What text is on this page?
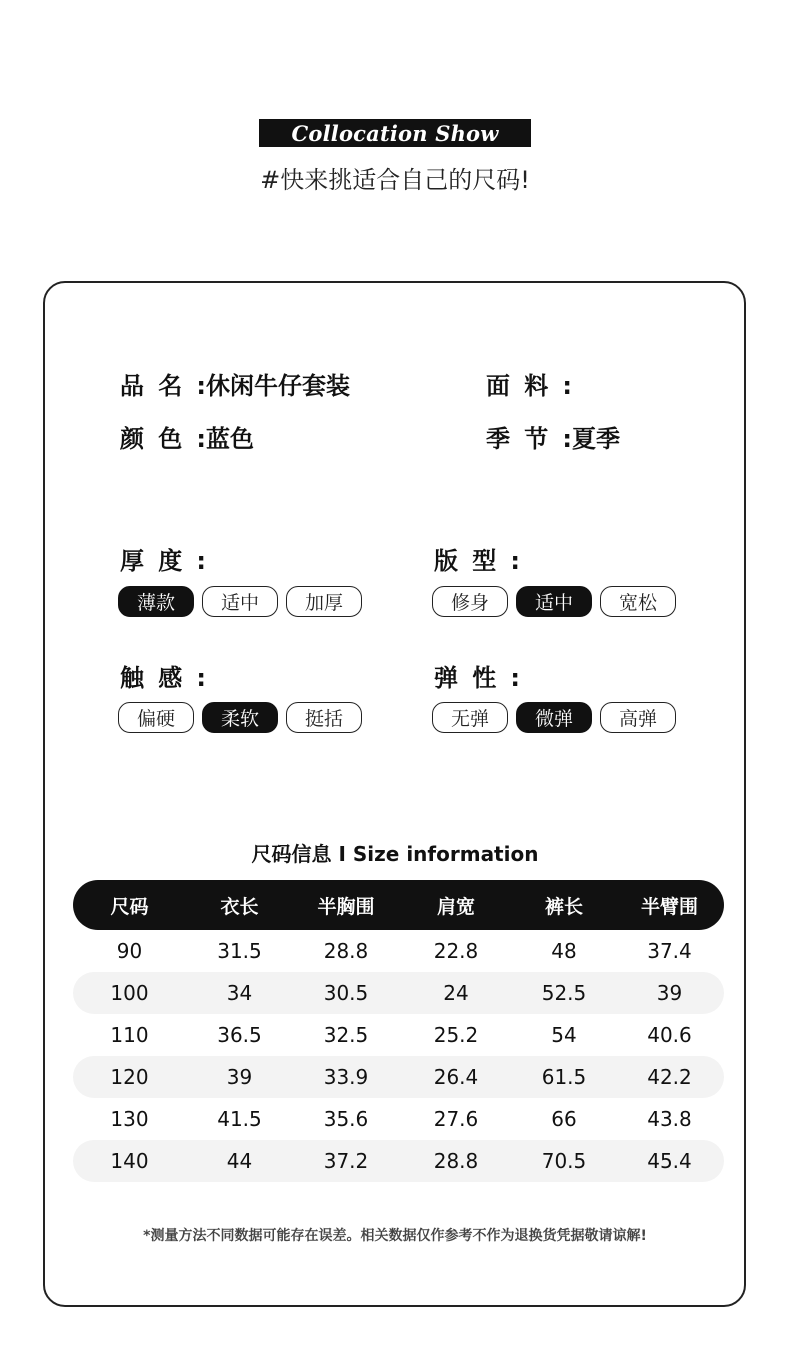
Collocation Show
#快来挑适合自己的尺码!
品名:休闲牛仔套装	面料:
颜色:蓝色	季节:夏季
厚度:
薄款	适中	加厚
版型:
修身	适中	宽松
触感:
偏硬	柔软	挺括
弹性:
无弹	微弹	高弹
尺码信息 I Size information
尺码	衣长	半胸围	肩宽	裤长	半臂围
90	31.5	28.8	22.8	48	37.4
100	34	30.5	24	52.5	39
110	36.5	32.5	25.2	54	40.6
120	39	33.9	26.4	61.5	42.2
130	41.5	35.6	27.6	66	43.8
140	44	37.2	28.8	70.5	45.4
*测量方法不同数据可能存在误差。相关数据仅作参考不作为退换货凭据敬请谅解!
